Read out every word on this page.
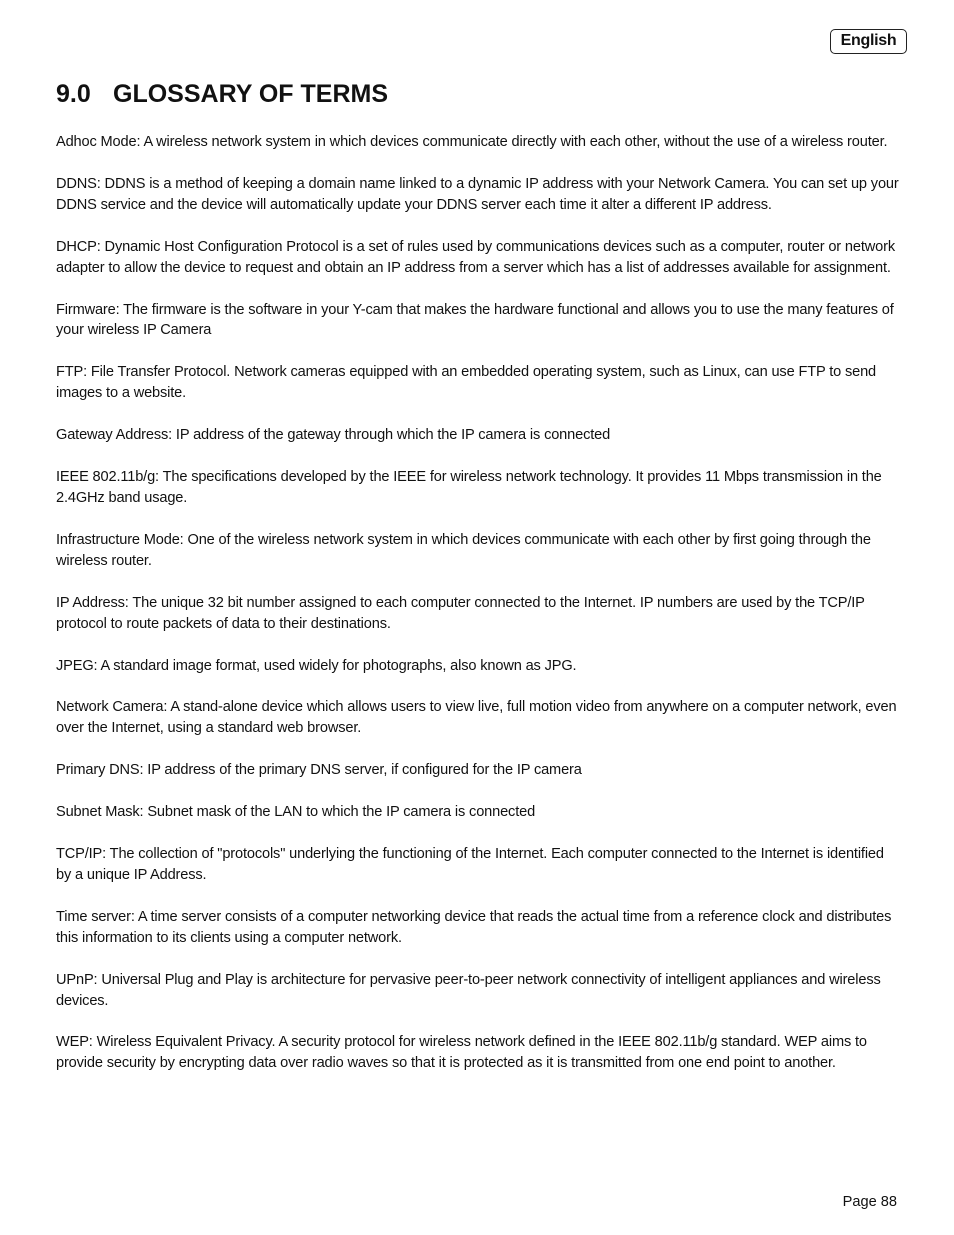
English
9.0 GLOSSARY OF TERMS
Adhoc Mode: A wireless network system in which devices communicate directly with each other, without the use of a wireless router.
DDNS: DDNS is a method of keeping a domain name linked to a dynamic IP address with your Network Camera. You can set up your DDNS service and the device will automatically update your DDNS server each time it alter a different IP address.
DHCP: Dynamic Host Configuration Protocol is a set of rules used by communications devices such as a computer, router or network adapter to allow the device to request and obtain an IP address from a server which has a list of addresses available for assignment.
Firmware: The firmware is the software in your Y-cam that makes the hardware functional and allows you to use the many features of your wireless IP Camera
FTP: File Transfer Protocol. Network cameras equipped with an embedded operating system, such as Linux, can use FTP to send images to a website.
Gateway Address: IP address of the gateway through which the IP camera is connected
IEEE 802.11b/g: The specifications developed by the IEEE for wireless network technology. It provides 11 Mbps transmission in the 2.4GHz band usage.
Infrastructure Mode: One of the wireless network system in which devices communicate with each other by first going through the wireless router.
IP Address: The unique 32 bit number assigned to each computer connected to the Internet. IP numbers are used by the TCP/IP protocol to route packets of data to their destinations.
JPEG: A standard image format, used widely for photographs, also known as JPG.
Network Camera: A stand-alone device which allows users to view live, full motion video from anywhere on a computer network, even over the Internet, using a standard web browser.
Primary DNS: IP address of the primary DNS server, if configured for the IP camera
Subnet Mask: Subnet mask of the LAN to which the IP camera is connected
TCP/IP: The collection of "protocols" underlying the functioning of the Internet. Each computer connected to the Internet is identified by a unique IP Address.
Time server: A time server consists of a computer networking device that reads the actual time from a reference clock and distributes this information to its clients using a computer network.
UPnP: Universal Plug and Play is architecture for pervasive peer-to-peer network connectivity of intelligent appliances and wireless devices.
WEP: Wireless Equivalent Privacy. A security protocol for wireless network defined in the IEEE 802.11b/g standard. WEP aims to provide security by encrypting data over radio waves so that it is protected as it is transmitted from one end point to another.
Page 88
